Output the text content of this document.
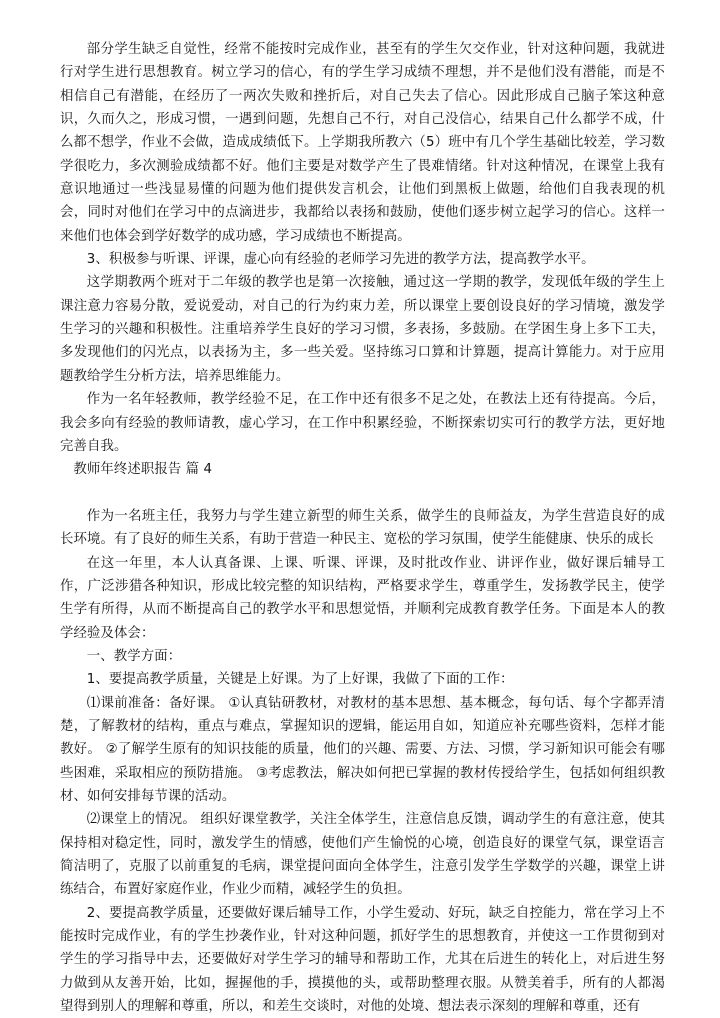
部分学生缺乏自觉性，经常不能按时完成作业，甚至有的学生欠交作业，针对这种问题，我就进行对学生进行思想教育。树立学习的信心，有的学生学习成绩不理想，并不是他们没有潜能，而是不相信自己有潜能，在经历了一两次失败和挫折后，对自己失去了信心。因此形成自己脑子笨这种意识，久而久之，形成习惯，一遇到问题，先想自己不行，对自己没信心，结果自己什么都学不成，什么都不想学，作业不会做，造成成绩低下。上学期我所教六（5）班中有几个学生基础比较差，学习数学很吃力，多次测验成绩都不好。他们主要是对数学产生了畏难情绪。针对这种情况，在课堂上我有意识地通过一些浅显易懂的问题为他们提供发言机会，让他们到黑板上做题，给他们自我表现的机会，同时对他们在学习中的点滴进步，我都给以表扬和鼓励，使他们逐步树立起学习的信心。这样一来他们也体会到学好数学的成功感，学习成绩也不断提高。

3、积极参与听课、评课，虚心向有经验的老师学习先进的教学方法，提高教学水平。

这学期教两个班对于二年级的教学也是第一次接触，通过这一学期的教学，发现低年级的学生上课注意力容易分散，爱说爱动，对自己的行为约束力差，所以课堂上要创设良好的学习情境，激发学生学习的兴趣和积极性。注重培养学生良好的学习习惯，多表扬，多鼓励。在学困生身上多下工夫，多发现他们的闪光点，以表扬为主，多一些关爱。坚持练习口算和计算题，提高计算能力。对于应用题教给学生分析方法，培养思维能力。

作为一名年轻教师，教学经验不足，在工作中还有很多不足之处，在教法上还有待提高。今后，我会多向有经验的教师请教，虚心学习，在工作中积累经验，不断探索切实可行的教学方法，更好地完善自我。

教师年终述职报告 篇 4

作为一名班主任，我努力与学生建立新型的师生关系，做学生的良师益友，为学生营造良好的成长环境。有了良好的师生关系，有助于营造一种民主、宽松的学习氛围，使学生能健康、快乐的成长

在这一年里，本人认真备课、上课、听课、评课，及时批改作业、讲评作业，做好课后辅导工作，广泛涉猎各种知识，形成比较完整的知识结构，严格要求学生，尊重学生，发扬教学民主，使学生学有所得，从而不断提高自己的教学水平和思想觉悟，并顺利完成教育教学任务。下面是本人的教学经验及体会：

一、教学方面：

1、要提高教学质量，关键是上好课。为了上好课，我做了下面的工作：

⑴课前准备：备好课。 ①认真钻研教材，对教材的基本思想、基本概念，每句话、每个字都弄清楚，了解教材的结构，重点与难点，掌握知识的逻辑，能运用自如，知道应补充哪些资料，怎样才能教好。 ②了解学生原有的知识技能的质量，他们的兴趣、需要、方法、习惯，学习新知识可能会有哪些困难，采取相应的预防措施。 ③考虑教法，解决如何把已掌握的教材传授给学生，包括如何组织教材、如何安排每节课的活动。

⑵课堂上的情况。 组织好课堂教学，关注全体学生，注意信息反馈，调动学生的有意注意，使其保持相对稳定性，同时，激发学生的情感，使他们产生愉悦的心境，创造良好的课堂气氛，课堂语言简洁明了，克服了以前重复的毛病，课堂提问面向全体学生，注意引发学生学数学的兴趣，课堂上讲练结合，布置好家庭作业，作业少而精，减轻学生的负担。

2、要提高教学质量，还要做好课后辅导工作，小学生爱动、好玩，缺乏自控能力，常在学习上不能按时完成作业，有的学生抄袭作业，针对这种问题，抓好学生的思想教育，并使这一工作贯彻到对学生的学习指导中去，还要做好对学生学习的辅导和帮助工作，尤其在后进生的转化上，对后进生努力做到从友善开始，比如，握握他的手，摸摸他的头，或帮助整理衣服。从赞美着手，所有的人都渴望得到别人的理解和尊重，所以，和差生交谈时，对他的处境、想法表示深刻的理解和尊重，还有
